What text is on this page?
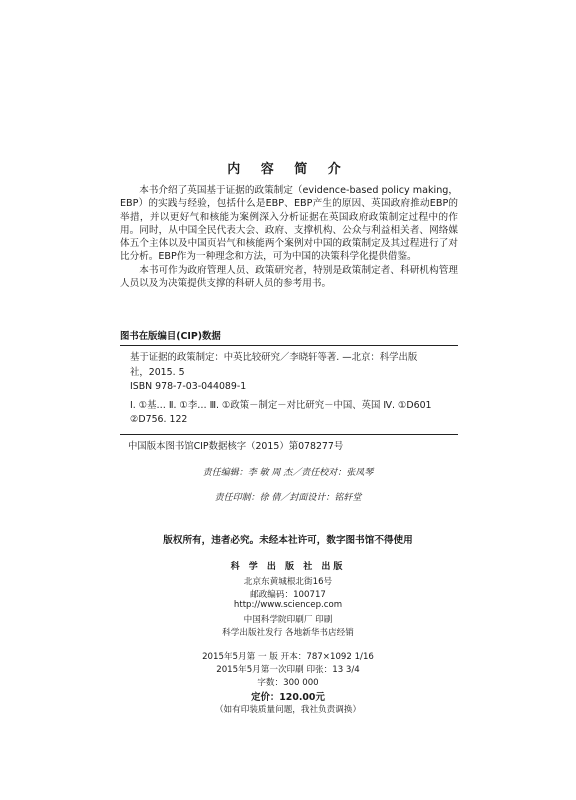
内 容 简 介

本书介绍了英国基于证据的政策制定（evidence-based policy making，EBP）的实践与经验，包括什么是EBP、EBP产生的原因、英国政府推动EBP的举措，并以更好气和核能为案例深入分析证据在英国政府政策制定过程中的作用。同时，从中国全民代表大会、政府、支撑机构、公众与利益相关者、网络媒体五个主体以及中国页岩气和核能两个案例对中国的政策制定及其过程进行了对比分析。EBP作为一种理念和方法，可为中国的决策科学化提供借鉴。

本书可作为政府管理人员、政策研究者，特别是政策制定者、科研机构管理人员以及为决策提供支撑的科研人员的参考用书。

图书在版编目(CIP)数据
基于证据的政策制定：中英比较研究／李晓轩等著. —北京：科学出版
社，2015. 5
ISBN 978-7-03-044089-1
Ⅰ. ①基… Ⅱ. ①李… Ⅲ. ①政策－制定－对比研究－中国、英国 Ⅳ. ①D601
②D756. 122
中国版本图书馆CIP数据核字（2015）第078277号
责任编辑：李 敏 周 杰／责任校对：张凤琴
责任印制：徐 倩／封面设计：铭轩堂
版权所有，违者必究。未经本社许可，数字图书馆不得使用
科 学 出 版 社 出版
北京东黄城根北街16号
邮政编码：100717
http://www.sciencep.com
中国科学院印刷厂 印刷
科学出版社发行 各地新华书店经销
2015年5月第 一 版 开本：787×1092 1/16
2015年5月第一次印刷 印张：13 3/4
字数：300 000
定价：120.00元
（如有印装质量问题，我社负责调换）
